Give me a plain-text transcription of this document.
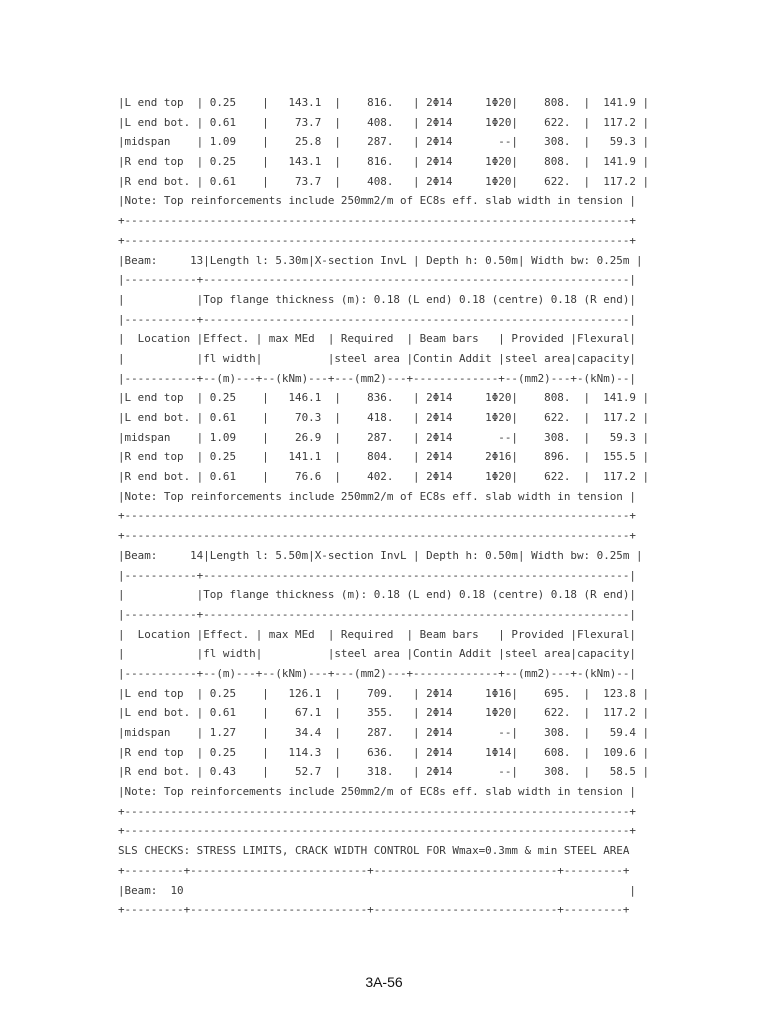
|L end top  | 0.25    |   143.1  |    816.   | 2Φ14     1Φ20|    808.  |  141.9 |
|L end bot. | 0.61    |    73.7  |    408.   | 2Φ14     1Φ20|    622.  |  117.2 |
|midspan    | 1.09    |    25.8  |    287.   | 2Φ14       --|    308.  |   59.3 |
|R end top  | 0.25    |   143.1  |    816.   | 2Φ14     1Φ20|    808.  |  141.9 |
|R end bot. | 0.61    |    73.7  |    408.   | 2Φ14     1Φ20|    622.  |  117.2 |
|Note: Top reinforcements include 250mm2/m of EC8s eff. slab width in tension |
+-----------------------------------------------------------------------------+
+-----------------------------------------------------------------------------+
|Beam:     13|Length l: 5.30m|X-section InvL | Depth h: 0.50m| Width bw: 0.25m |
|-----------+-----------------------------------------------------------------|
|           |Top flange thickness (m): 0.18 (L end) 0.18 (centre) 0.18 (R end)|
|-----------+-----------------------------------------------------------------|
|  Location |Effect. | max MEd  | Required  | Beam bars   | Provided |Flexural|
|           |fl width|          |steel area |Contin Addit |steel area|capacity|
|-----------+--(m)---+--(kNm)---+---(mm2)---+-------------+--(mm2)---+-(kNm)--|
|L end top  | 0.25    |   146.1  |    836.   | 2Φ14     1Φ20|    808.  |  141.9 |
|L end bot. | 0.61    |    70.3  |    418.   | 2Φ14     1Φ20|    622.  |  117.2 |
|midspan    | 1.09    |    26.9  |    287.   | 2Φ14       --|    308.  |   59.3 |
|R end top  | 0.25    |   141.1  |    804.   | 2Φ14     2Φ16|    896.  |  155.5 |
|R end bot. | 0.61    |    76.6  |    402.   | 2Φ14     1Φ20|    622.  |  117.2 |
|Note: Top reinforcements include 250mm2/m of EC8s eff. slab width in tension |
+-----------------------------------------------------------------------------+
+-----------------------------------------------------------------------------+
|Beam:     14|Length l: 5.50m|X-section InvL | Depth h: 0.50m| Width bw: 0.25m |
|-----------+-----------------------------------------------------------------|
|           |Top flange thickness (m): 0.18 (L end) 0.18 (centre) 0.18 (R end)|
|-----------+-----------------------------------------------------------------|
|  Location |Effect. | max MEd  | Required  | Beam bars   | Provided |Flexural|
|           |fl width|          |steel area |Contin Addit |steel area|capacity|
|-----------+--(m)---+--(kNm)---+---(mm2)---+-------------+--(mm2)---+-(kNm)--|
|L end top  | 0.25    |   126.1  |    709.   | 2Φ14     1Φ16|    695.  |  123.8 |
|L end bot. | 0.61    |    67.1  |    355.   | 2Φ14     1Φ20|    622.  |  117.2 |
|midspan    | 1.27    |    34.4  |    287.   | 2Φ14       --|    308.  |   59.4 |
|R end top  | 0.25    |   114.3  |    636.   | 2Φ14     1Φ14|    608.  |  109.6 |
|R end bot. | 0.43    |    52.7  |    318.   | 2Φ14       --|    308.  |   58.5 |
|Note: Top reinforcements include 250mm2/m of EC8s eff. slab width in tension |
+-----------------------------------------------------------------------------+
+-----------------------------------------------------------------------------+
SLS CHECKS: STRESS LIMITS, CRACK WIDTH CONTROL FOR Wmax=0.3mm & min STEEL AREA
+---------+---------------------------+----------------------------+---------+
|Beam:  10                                                                    |
+---------+---------------------------+----------------------------+---------+
3A-56
